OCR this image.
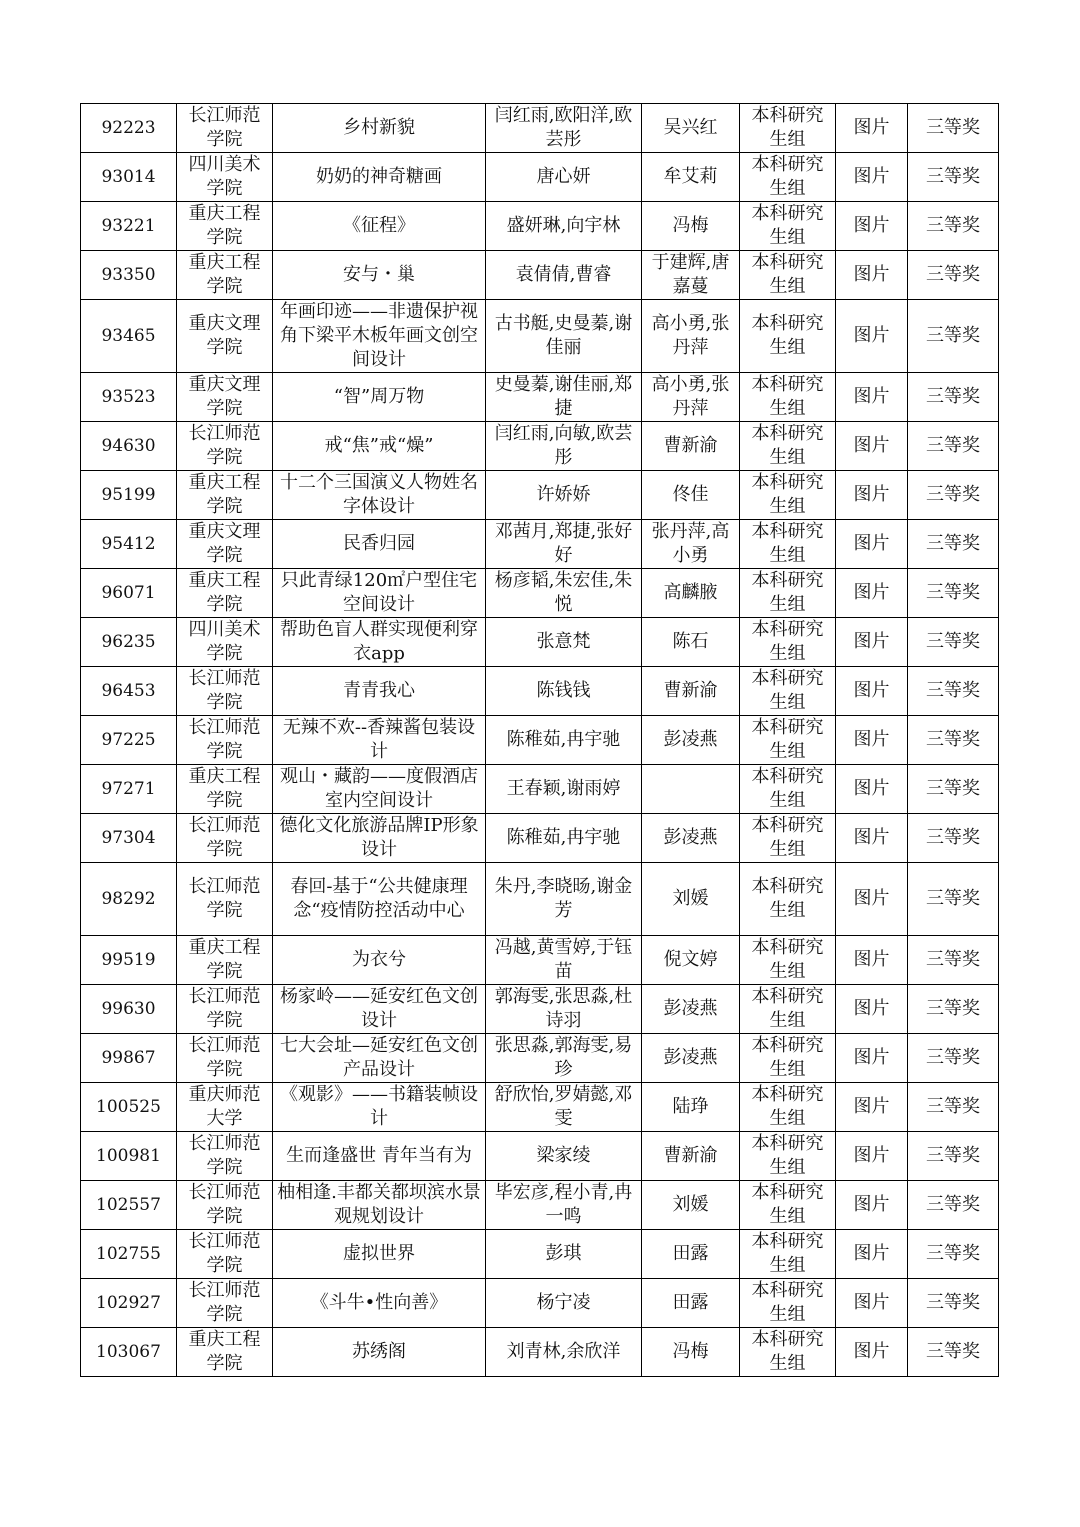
92223	长江师范学院	乡村新貌	闫红雨,欧阳洋,欧芸彤	吴兴红	本科研究生组	图片	三等奖
93014	四川美术学院	奶奶的神奇糖画	唐心妍	牟艾莉	本科研究生组	图片	三等奖
93221	重庆工程学院	《征程》	盛妍琳,向宇林	冯梅	本科研究生组	图片	三等奖
93350	重庆工程学院	安与・巢	袁倩倩,曹睿	于建辉,唐嘉蔓	本科研究生组	图片	三等奖
93465	重庆文理学院	年画印迹——非遗保护视角下梁平木板年画文创空间设计	古书艇,史曼蓁,谢佳丽	高小勇,张丹萍	本科研究生组	图片	三等奖
93523	重庆文理学院	“智”周万物	史曼蓁,谢佳丽,郑捷	高小勇,张丹萍	本科研究生组	图片	三等奖
94630	长江师范学院	戒“焦”戒“燥”	闫红雨,向敏,欧芸彤	曹新渝	本科研究生组	图片	三等奖
95199	重庆工程学院	十二个三国演义人物姓名字体设计	许娇娇	佟佳	本科研究生组	图片	三等奖
95412	重庆文理学院	民香归园	邓茜月,郑捷,张好好	张丹萍,高小勇	本科研究生组	图片	三等奖
96071	重庆工程学院	只此青绿120㎡户型住宅空间设计	杨彦韬,朱宏佳,朱悦	高麟腋	本科研究生组	图片	三等奖
96235	四川美术学院	帮助色盲人群实现便利穿衣app	张意梵	陈石	本科研究生组	图片	三等奖
96453	长江师范学院	青青我心	陈钱钱	曹新渝	本科研究生组	图片	三等奖
97225	长江师范学院	无辣不欢--香辣酱包装设计	陈稚茹,冉宇驰	彭凌燕	本科研究生组	图片	三等奖
97271	重庆工程学院	观山・藏韵——度假酒店室内空间设计	王春颖,谢雨婷		本科研究生组	图片	三等奖
97304	长江师范学院	德化文化旅游品牌IP形象设计	陈稚茹,冉宇驰	彭凌燕	本科研究生组	图片	三等奖
98292	长江师范学院	春回-基于“公共健康理念“疫情防控活动中心	朱丹,李晓旸,谢金芳	刘媛	本科研究生组	图片	三等奖
99519	重庆工程学院	为衣兮	冯越,黄雪婷,于钰苗	倪文婷	本科研究生组	图片	三等奖
99630	长江师范学院	杨家岭——延安红色文创设计	郭海雯,张思淼,杜诗羽	彭凌燕	本科研究生组	图片	三等奖
99867	长江师范学院	七大会址—延安红色文创产品设计	张思淼,郭海雯,易珍	彭凌燕	本科研究生组	图片	三等奖
100525	重庆师范大学	《观影》——书籍装帧设计	舒欣怡,罗婧懿,邓雯	陆琤	本科研究生组	图片	三等奖
100981	长江师范学院	生而逢盛世 青年当有为	梁家绫	曹新渝	本科研究生组	图片	三等奖
102557	长江师范学院	柚相逢.丰都关都坝滨水景观规划设计	毕宏彦,程小青,冉一鸣	刘媛	本科研究生组	图片	三等奖
102755	长江师范学院	虚拟世界	彭琪	田露	本科研究生组	图片	三等奖
102927	长江师范学院	《斗牛•性向善》	杨宁凌	田露	本科研究生组	图片	三等奖
103067	重庆工程学院	苏绣阁	刘青林,余欣洋	冯梅	本科研究生组	图片	三等奖
